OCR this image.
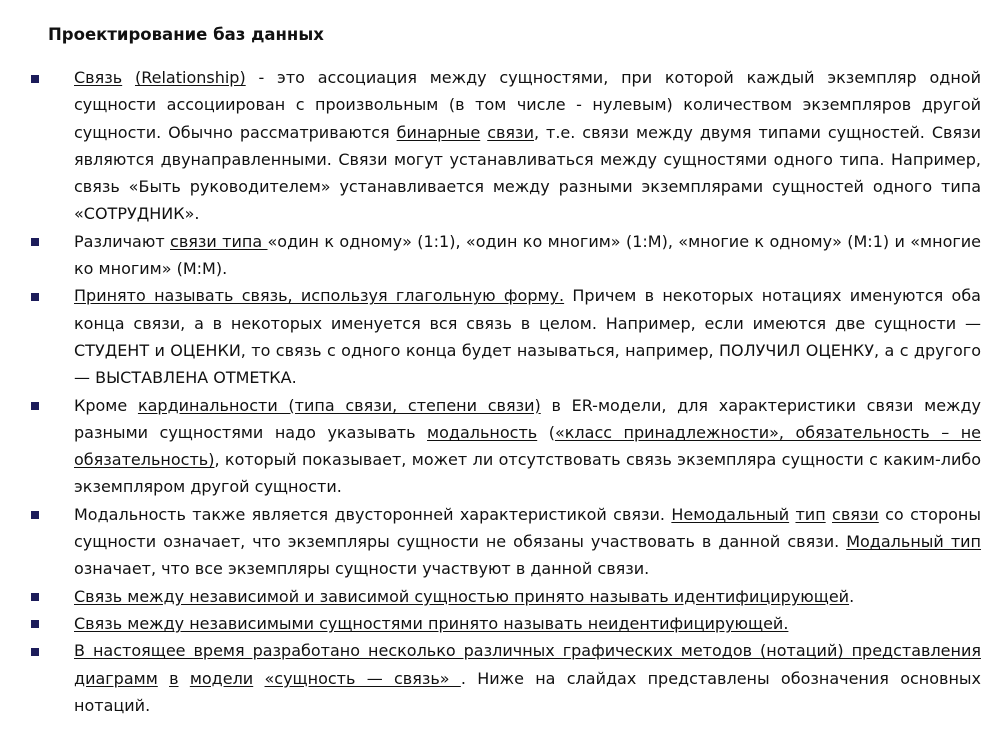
Проектирование баз данных
Связь (Relationship) - это ассоциация между сущностями, при которой каждый экземпляр одной сущности ассоциирован с произвольным (в том числе - нулевым) количеством экземпляров другой сущности. Обычно рассматриваются бинарные связи, т.е. связи между двумя типами сущностей. Связи являются двунаправленными. Связи могут устанавливаться между сущностями одного типа. Например, связь «Быть руководителем» устанавливается между разными экземплярами сущностей одного типа «СОТРУДНИК».
Различают связи типа «один к одному» (1:1), «один ко многим» (1:M), «многие к одному» (M:1) и «многие ко многим» (M:M).
Принято называть связь, используя глагольную форму. Причем в некоторых нотациях именуются оба конца связи, а в некоторых именуется вся связь в целом. Например, если имеются две сущности — СТУДЕНТ и ОЦЕНКИ, то связь с одного конца будет называться, например, ПОЛУЧИЛ ОЦЕНКУ, а с другого — ВЫСТАВЛЕНА ОТМЕТКА.
Кроме кардинальности (типа связи, степени связи) в ER-модели, для характеристики связи между разными сущностями надо указывать модальность («класс принадлежности», обязательность – не обязательность), который показывает, может ли отсутствовать связь экземпляра сущности с каким-либо экземпляром другой сущности.
Модальность также является двусторонней характеристикой связи. Немодальный тип связи со стороны сущности означает, что экземпляры сущности не обязаны участвовать в данной связи. Модальный тип означает, что все экземпляры сущности участвуют в данной связи.
Связь между независимой и зависимой сущностью принято называть идентифицирующей.
Связь между независимыми сущностями принято называть неидентифицирующей.
В настоящее время разработано несколько различных графических методов (нотаций) представления диаграмм в модели «сущность — связь» . Ниже на слайдах представлены обозначения основных нотаций.
